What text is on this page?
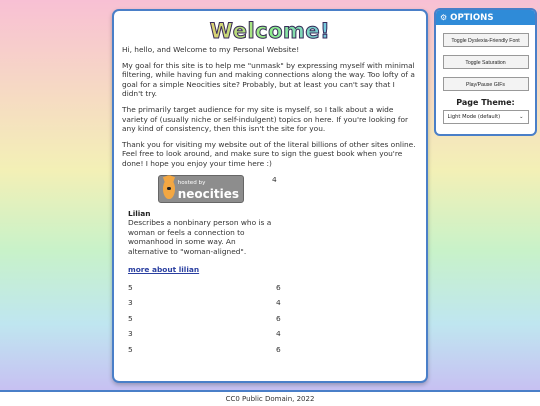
Welcome!

Hi, hello, and Welcome to my Personal Website!

My goal for this site is to help me "unmask" by expressing myself with minimal filtering, while having fun and making connections along the way. Too lofty of a goal for a simple Neocities site? Probably, but at least you can't say that I didn't try.

The primarily target audience for my site is myself, so I talk about a wide variety of (usually niche or self-indulgent) topics on here. If you're looking for any kind of consistency, then this isn't the site for you.

Thank you for visiting my website out of the literal billions of other sites online. Feel free to look around, and make sure to sign the guest book when you're done! I hope you enjoy your time here :)

hosted by
neocities
Lilian
Describes a nonbinary person who is a woman or feels a connection to womanhood in some way. An alternative to "woman-aligned".
more about lilian
4
5	6
3	4
5	6
3	4
5	6
⚙ OPTIONS
Toggle Dyslexia-Friendly Font
Toggle Saturation
Play/Pause GIFs
Page Theme:
Light Mode (default)	⌄
CC0 Public Domain, 2022
